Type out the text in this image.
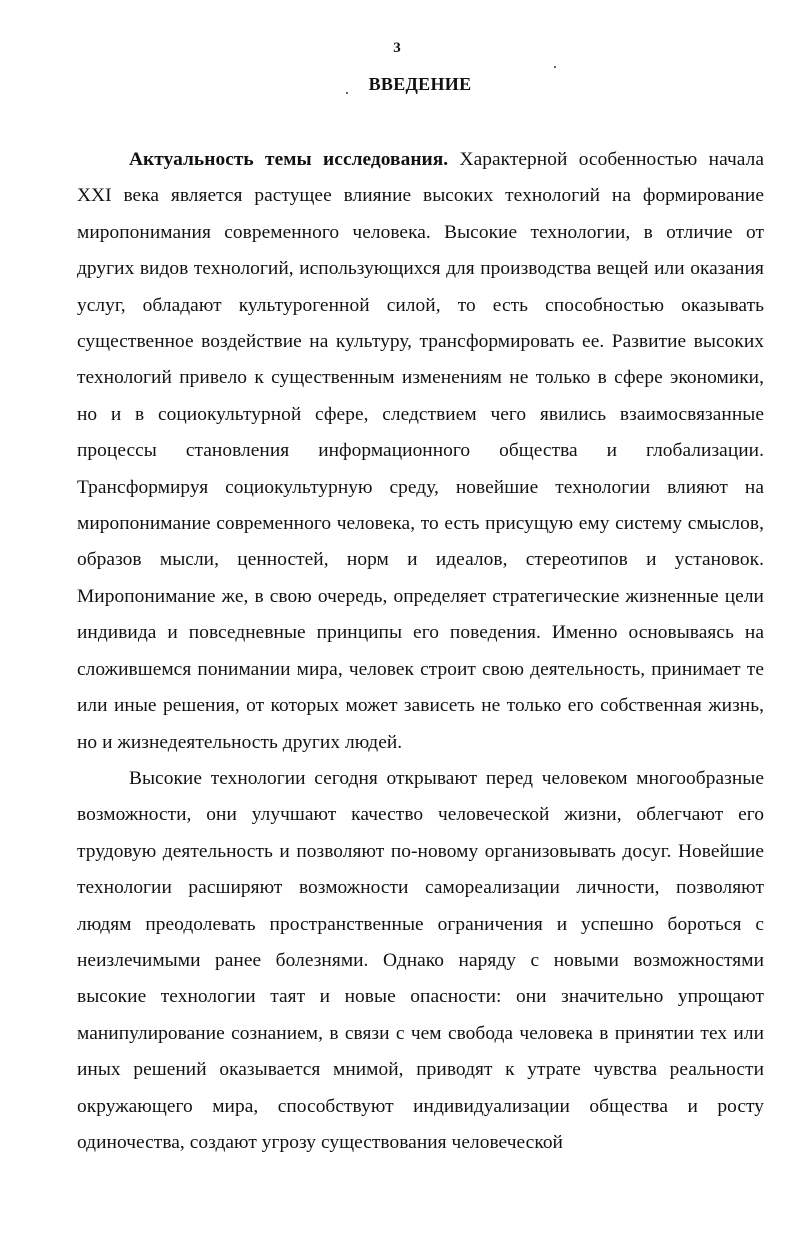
3
ВВЕДЕНИЕ

Актуальность темы исследования. Характерной особенностью начала XXI века является растущее влияние высоких технологий на формирование миропонимания современного человека. Высокие технологии, в отличие от других видов технологий, использующихся для производства вещей или оказания услуг, обладают культурогенной силой, то есть способностью оказывать существенное воздействие на культуру, трансформировать ее. Развитие высоких технологий привело к существенным изменениям не только в сфере экономики, но и в социокультурной сфере, следствием чего явились взаимосвязанные процессы становления информационного общества и глобализации. Трансформируя социокультурную среду, новейшие технологии влияют на миропонимание современного человека, то есть присущую ему систему смыслов, образов мысли, ценностей, норм и идеалов, стереотипов и установок. Миропонимание же, в свою очередь, определяет стратегические жизненные цели индивида и повседневные принципы его поведения. Именно основываясь на сложившемся понимании мира, человек строит свою деятельность, принимает те или иные решения, от которых может зависеть не только его собственная жизнь, но и жизнедеятельность других людей.

Высокие технологии сегодня открывают перед человеком многообразные возможности, они улучшают качество человеческой жизни, облегчают его трудовую деятельность и позволяют по-новому организовывать досуг. Новейшие технологии расширяют возможности самореализации личности, позволяют людям преодолевать пространственные ограничения и успешно бороться с неизлечимыми ранее болезнями. Однако наряду с новыми возможностями высокие технологии таят и новые опасности: они значительно упрощают манипулирование сознанием, в связи с чем свобода человека в принятии тех или иных решений оказывается мнимой, приводят к утрате чувства реальности окружающего мира, способствуют индивидуализации общества и росту одиночества, создают угрозу существования человеческой
